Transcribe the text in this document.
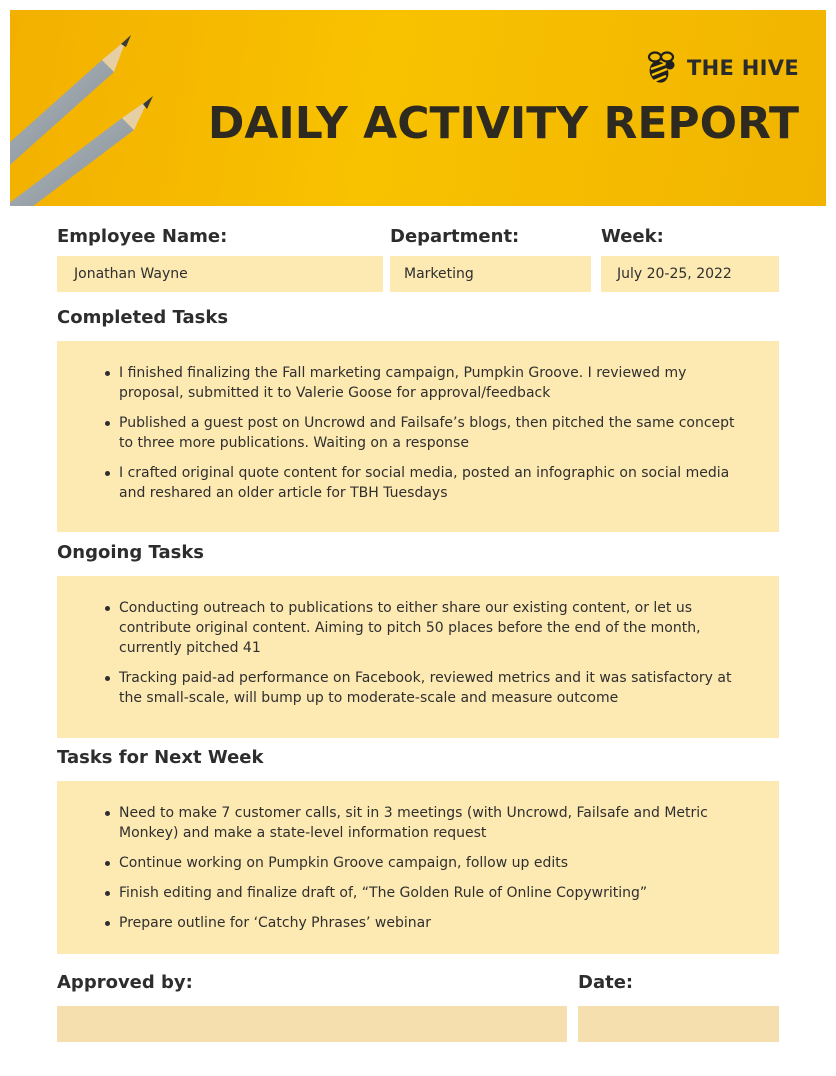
THE HIVE
DAILY ACTIVITY REPORT
Employee Name:	Department:	Week:
Jonathan Wayne	Marketing	July 20-25, 2022
Completed Tasks
I finished finalizing the Fall marketing campaign, Pumpkin Groove. I reviewed my proposal, submitted it to Valerie Goose for approval/feedback
Published a guest post on Uncrowd and Failsafe’s blogs, then pitched the same concept to three more publications. Waiting on a response
I crafted original quote content for social media, posted an infographic on social media and reshared an older article for TBH Tuesdays
Ongoing Tasks
Conducting outreach to publications to either share our existing content, or let us contribute original content. Aiming to pitch 50 places before the end of the month, currently pitched 41
Tracking paid-ad performance on Facebook, reviewed metrics and it was satisfactory at the small-scale, will bump up to moderate-scale and measure outcome
Tasks for Next Week
Need to make 7 customer calls, sit in 3 meetings (with Uncrowd, Failsafe and Metric Monkey) and make a state-level information request
Continue working on Pumpkin Groove campaign, follow up edits
Finish editing and finalize draft of, “The Golden Rule of Online Copywriting”
Prepare outline for ‘Catchy Phrases’ webinar
Approved by:	Date:
